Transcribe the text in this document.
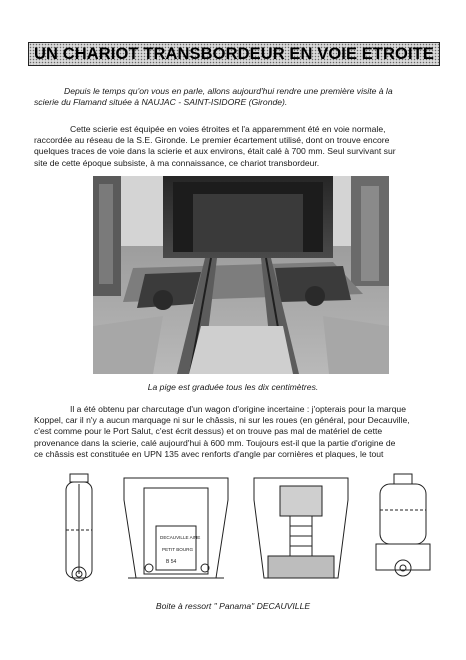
UN CHARIOT TRANSBORDEUR EN VOIE ETROITE
Depuis le temps qu'on vous en parle, allons aujourd'hui rendre une première visite à la
scierie du Flamand située à NAUJAC - SAINT-ISIDORE (Gironde).
Cette scierie est équipée en voies étroites et l'a apparemment été en voie normale,
raccordée au réseau de la S.E. Gironde. Le premier écartement utilisé, dont on trouve encore
quelques traces de voie dans la scierie et aux environs, était calé à 700 mm. Seul survivant sur
site de cette époque subsiste, à ma connaissance, ce chariot transbordeur.
La pige est graduée tous les dix centimètres.
Il a été obtenu par charcutage d'un wagon d'origine incertaine : j'opterais pour la marque
Koppel, car il n'y a aucun marquage ni sur le châssis, ni sur les roues (en général, pour Decauville,
c'est comme pour le Port Salut, c'est écrit dessus) et on trouve pas mal de matériel de cette
provenance dans la scierie, calé aujourd'hui à 600 mm. Toujours est-il que la partie d'origine de
ce châssis est constituée en UPN 135 avec renforts d'angle par cornières et plaques, le tout
DECAUVILLE AINE
PETIT BOURG
B 54
Boite à ressort " Panama" DECAUVILLE
